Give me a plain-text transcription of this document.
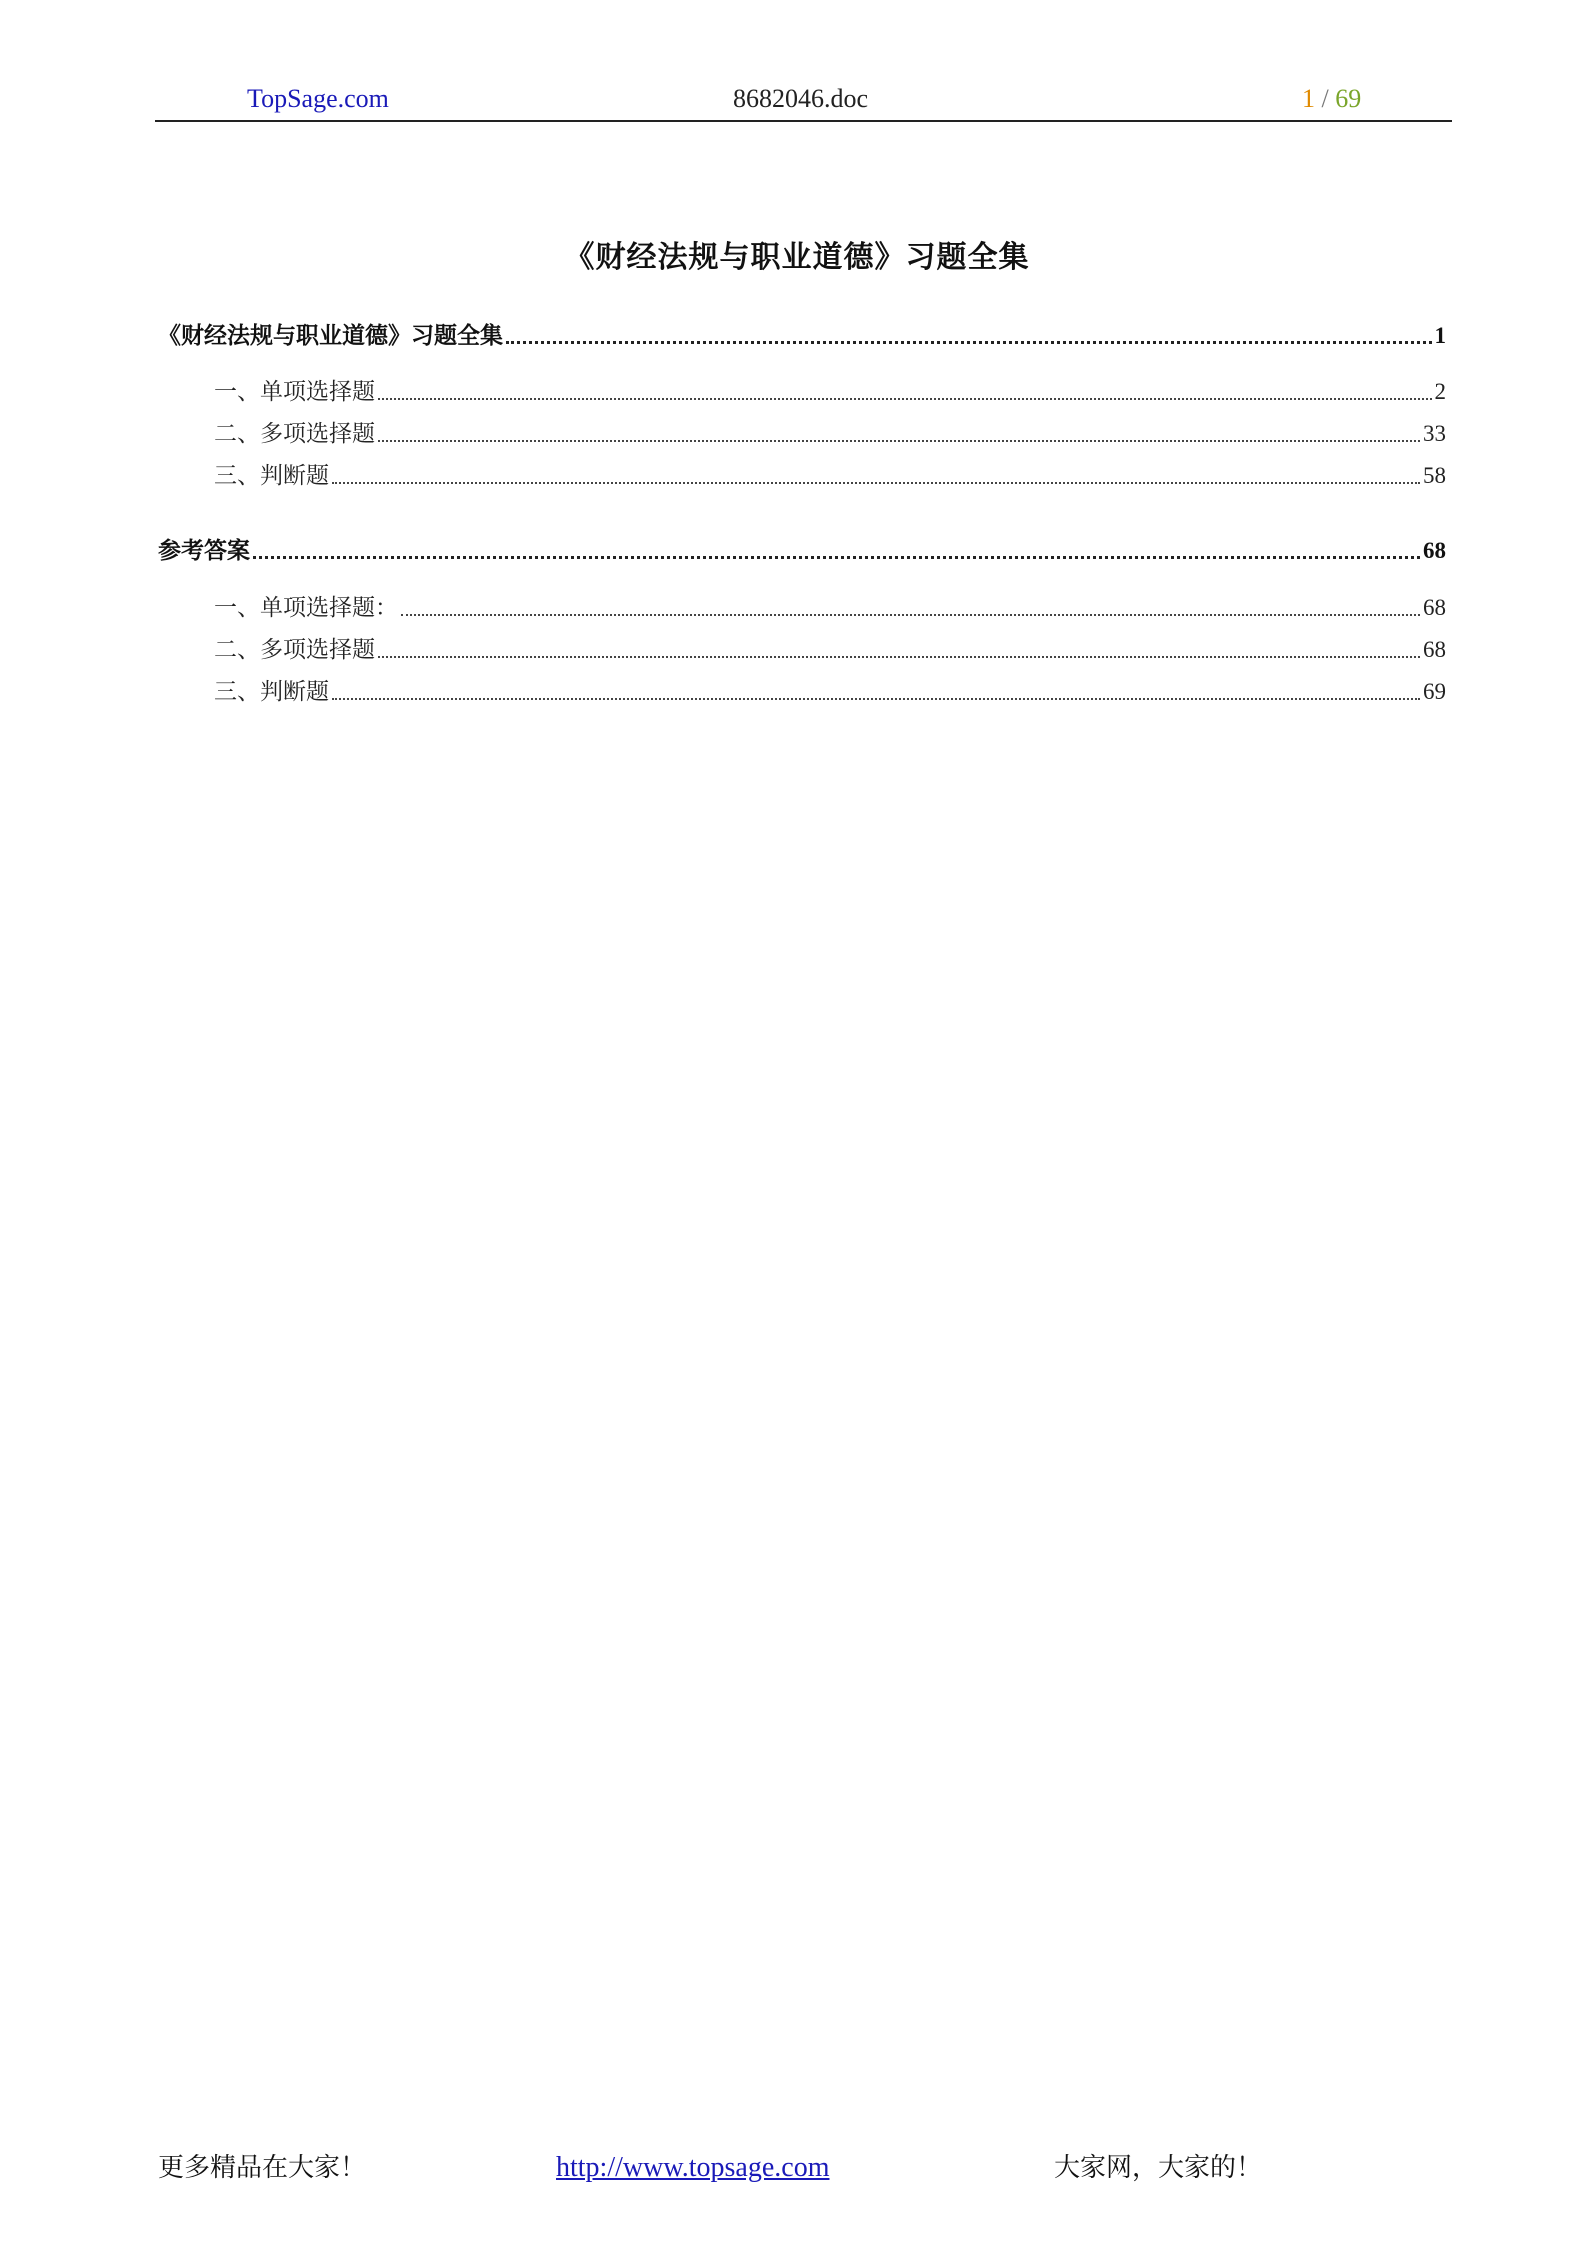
TopSage.com	8682046.doc	1 / 69
《财经法规与职业道德》习题全集
《财经法规与职业道德》习题全集	1
一、单项选择题	2
二、多项选择题	33
三、判断题	58
参考答案	68
一、单项选择题：	68
二、多项选择题	68
三、判断题	69
更多精品在大家！	http://www.topsage.com	大家网，大家的！
